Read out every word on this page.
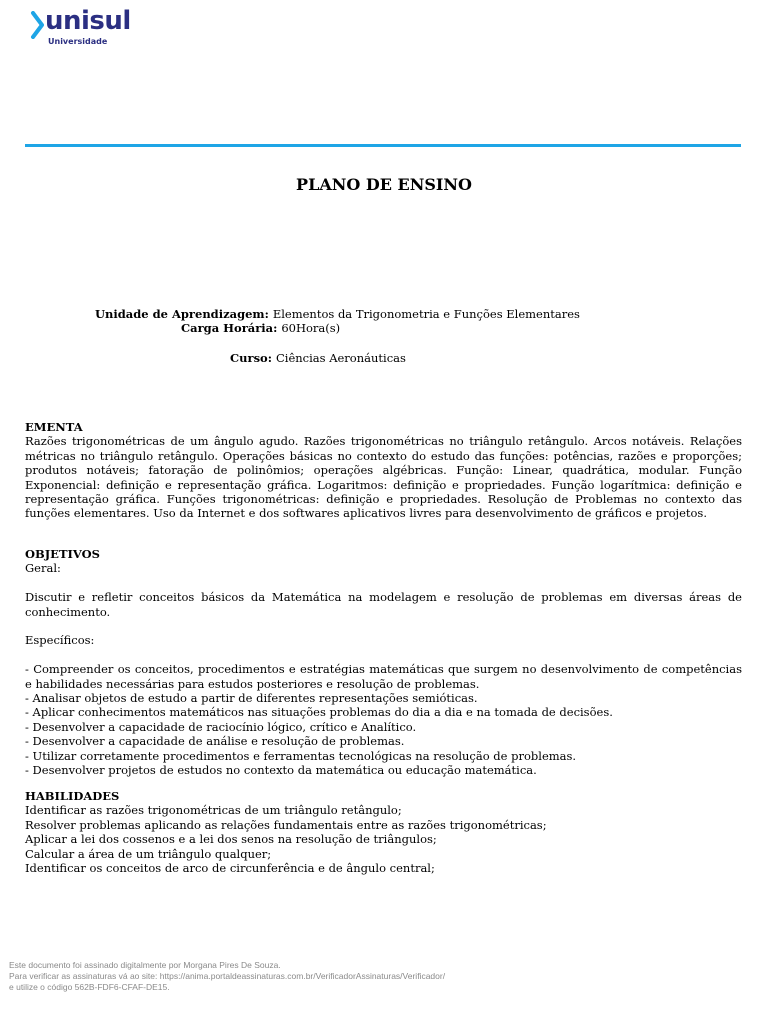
unisul
Universidade
PLANO DE ENSINO
Unidade de Aprendizagem: Elementos da Trigonometria e Funções Elementares
Carga Horária: 60Hora(s)
Curso: Ciências Aeronáuticas
EMENTA

Razões trigonométricas de um ângulo agudo. Razões trigonométricas no triângulo retângulo. Arcos notáveis. Relações métricas no triângulo retângulo. Operações básicas no contexto do estudo das funções: potências, razões e proporções; produtos notáveis; fatoração de polinômios; operações algébricas. Função: Linear, quadrática, modular. Função Exponencial: definição e representação gráfica. Logaritmos: definição e propriedades. Função logarítmica: definição e representação gráfica. Funções trigonométricas: definição e propriedades. Resolução de Problemas no contexto das funções elementares. Uso da Internet e dos softwares aplicativos livres para desenvolvimento de gráficos e projetos.

OBJETIVOS

Geral:

Discutir e refletir conceitos básicos da Matemática na modelagem e resolução de problemas em diversas áreas de conhecimento.

Específicos:

- Compreender os conceitos, procedimentos e estratégias matemáticas que surgem no desenvolvimento de competências e habilidades necessárias para estudos posteriores e resolução de problemas.

- Analisar objetos de estudo a partir de diferentes representações semióticas.

- Aplicar conhecimentos matemáticos nas situações problemas do dia a dia e na tomada de decisões.

- Desenvolver a capacidade de raciocínio lógico, crítico e Analítico.

- Desenvolver a capacidade de análise e resolução de problemas.

- Utilizar corretamente procedimentos e ferramentas tecnológicas na resolução de problemas.

- Desenvolver projetos de estudos no contexto da matemática ou educação matemática.

HABILIDADES

Identificar as razões trigonométricas de um triângulo retângulo;

Resolver problemas aplicando as relações fundamentais entre as razões trigonométricas;

Aplicar a lei dos cossenos e a lei dos senos na resolução de triângulos;

Calcular a área de um triângulo qualquer;

Identificar os conceitos de arco de circunferência e de ângulo central;

Este documento foi assinado digitalmente por Morgana Pires De Souza.
Para verificar as assinaturas vá ao site: https://anima.portaldeassinaturas.com.br/VerificadorAssinaturas/Verificador/
e utilize o código 562B-FDF6-CFAF-DE15.
